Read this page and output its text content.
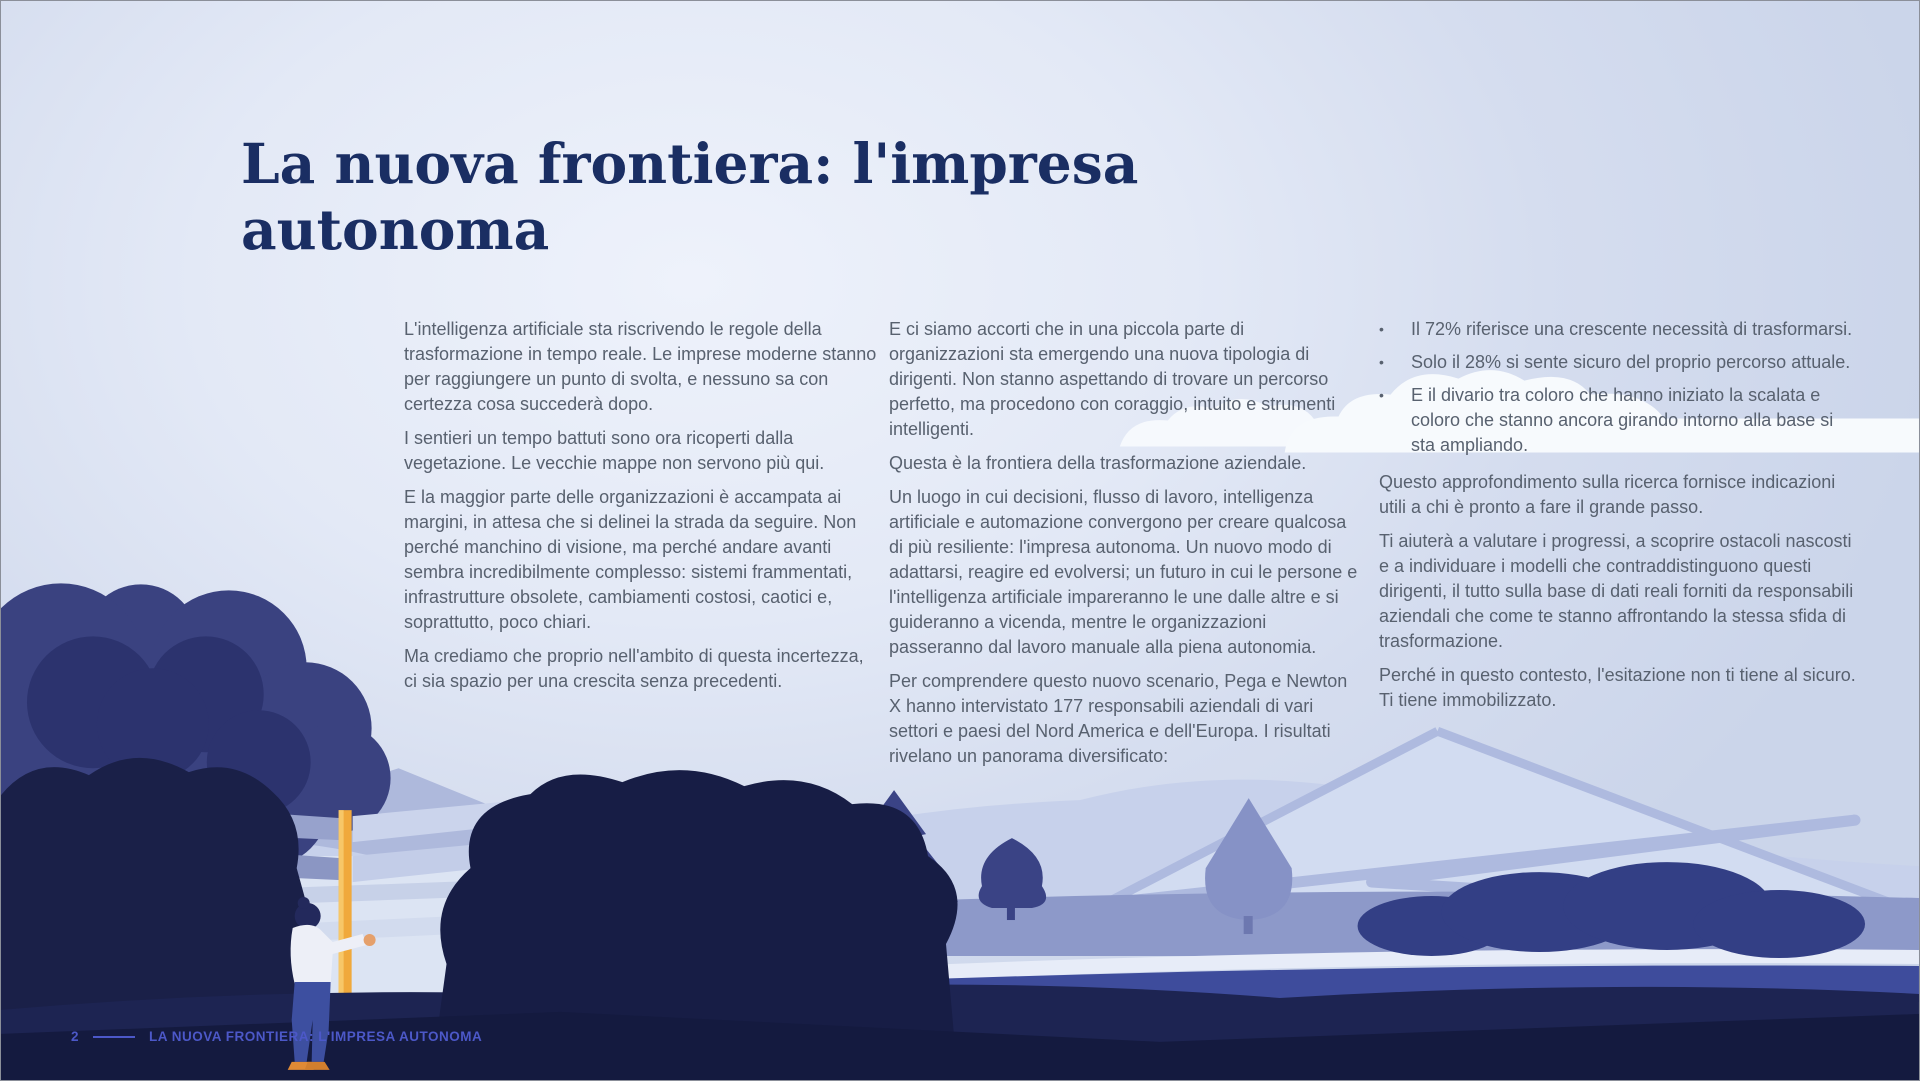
La nuova frontiera: l'impresa autonoma

L'intelligenza artificiale sta riscrivendo le regole della trasformazione in tempo reale. Le imprese moderne stanno per raggiungere un punto di svolta, e nessuno sa con certezza cosa succederà dopo.

I sentieri un tempo battuti sono ora ricoperti dalla vegetazione. Le vecchie mappe non servono più qui.

E la maggior parte delle organizzazioni è accampata ai margini, in attesa che si delinei la strada da seguire. Non perché manchino di visione, ma perché andare avanti sembra incredibilmente complesso: sistemi frammentati, infrastrutture obsolete, cambiamenti costosi, caotici e, soprattutto, poco chiari.

Ma crediamo che proprio nell'ambito di questa incertezza, ci sia spazio per una crescita senza precedenti.

E ci siamo accorti che in una piccola parte di organizzazioni sta emergendo una nuova tipologia di dirigenti. Non stanno aspettando di trovare un percorso perfetto, ma procedono con coraggio, intuito e strumenti intelligenti.

Questa è la frontiera della trasformazione aziendale.

Un luogo in cui decisioni, flusso di lavoro, intelligenza artificiale e automazione convergono per creare qualcosa di più resiliente: l'impresa autonoma. Un nuovo modo di adattarsi, reagire ed evolversi; un futuro in cui le persone e l'intelligenza artificiale impareranno le une dalle altre e si guideranno a vicenda, mentre le organizzazioni passeranno dal lavoro manuale alla piena autonomia.

Per comprendere questo nuovo scenario, Pega e Newton X hanno intervistato 177 responsabili aziendali di vari settori e paesi del Nord America e dell'Europa. I risultati rivelano un panorama diversificato:

•	Il 72% riferisce una crescente necessità di trasformarsi.
•	Solo il 28% si sente sicuro del proprio percorso attuale.
•	E il divario tra coloro che hanno iniziato la scalata e coloro che stanno ancora girando intorno alla base si sta ampliando.

Questo approfondimento sulla ricerca fornisce indicazioni utili a chi è pronto a fare il grande passo.

Ti aiuterà a valutare i progressi, a scoprire ostacoli nascosti e a individuare i modelli che contraddistinguono questi dirigenti, il tutto sulla base di dati reali forniti da responsabili aziendali che come te stanno affrontando la stessa sfida di trasformazione.

Perché in questo contesto, l'esitazione non ti tiene al sicuro. Ti tiene immobilizzato.

2	LA NUOVA FRONTIERA: L'IMPRESA AUTONOMA
